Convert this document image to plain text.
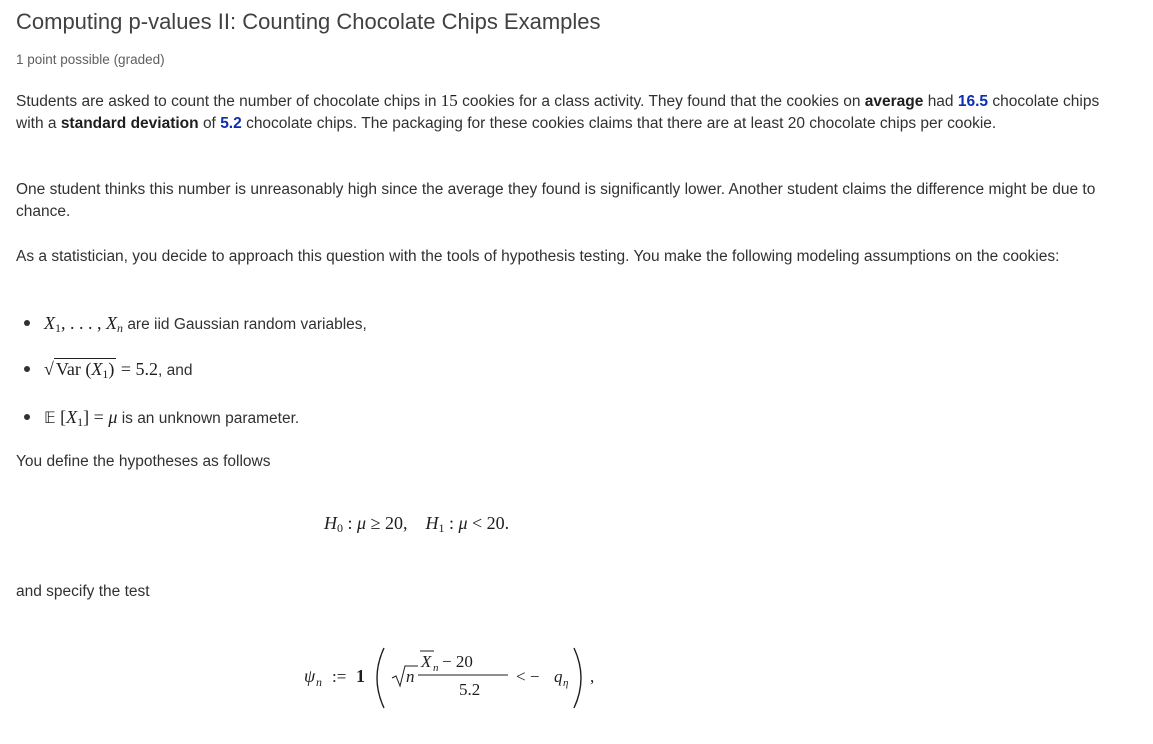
Computing p-values II: Counting Chocolate Chips Examples
1 point possible (graded)
Students are asked to count the number of chocolate chips in 15 cookies for a class activity. They found that the cookies on average had 16.5 chocolate chips with a standard deviation of 5.2 chocolate chips. The packaging for these cookies claims that there are at least 20 chocolate chips per cookie.
One student thinks this number is unreasonably high since the average they found is significantly lower. Another student claims the difference might be due to chance.
As a statistician, you decide to approach this question with the tools of hypothesis testing. You make the following modeling assumptions on the cookies:
$X_1$, . . . , $X_n$ are iid Gaussian random variables,
√ Var $(X_1) = 5.2$, and
𝔼 $[X_1] = \mu$ is an unknown parameter.
You define the hypotheses as follows
$H_0$ : μ ≥ 20, $H_1$ : μ < 20.
and specify the test
ψ n := 1 n
X n − 20
5.2
< − q η ,
